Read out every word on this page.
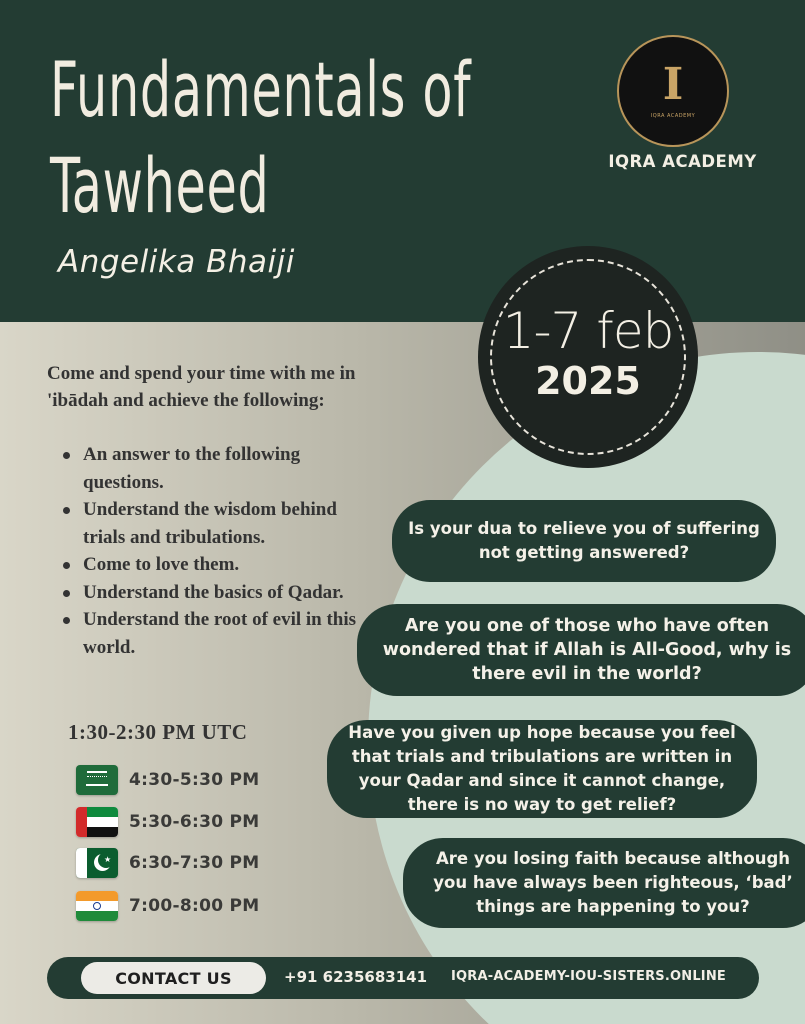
Fundamentals of
Tawheed
Angelika Bhaiji
I
IQRA ACADEMY
IQRA ACADEMY
1-7 feb
2025

Come and spend your time with me in 'ibādah and achieve the following:

An answer to the following questions.
Understand the wisdom behind trials and tribulations.
Come to love them.
Understand the basics of Qadar.
Understand the root of evil in this world.
1:30-2:30 PM UTC
4:30-5:30 PM
5:30-6:30 PM
★ 6:30-7:30 PM
7:00-8:00 PM
Is your dua to relieve you of suffering not getting answered?
Are you one of those who have often wondered that if Allah is All-Good, why is there evil in the world?
Have you given up hope because you feel that trials and tribulations are written in your Qadar and since it cannot change, there is no way to get relief?
Are you losing faith because although you have always been righteous, ‘bad’ things are happening to you?
CONTACT US	+91 6235683141 IQRA-ACADEMY-IOU-SISTERS.ONLINE
